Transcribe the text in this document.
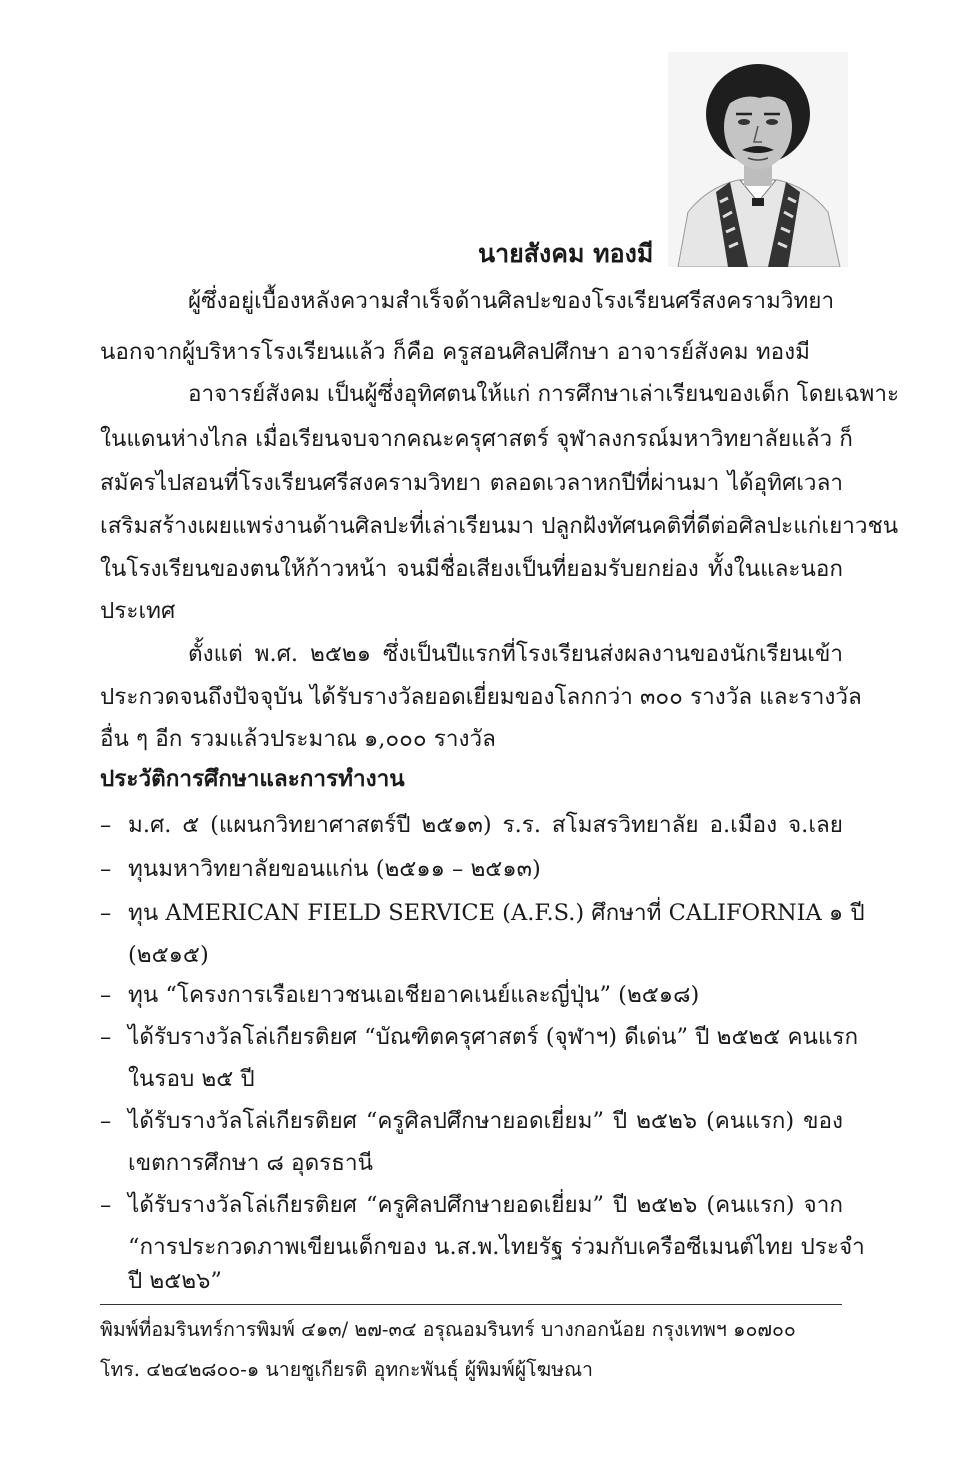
นายสังคม ทองมี
ผู้ซึ่งอยู่เบื้องหลังความสำเร็จด้านศิลปะของโรงเรียนศรีสงครามวิทยา
นอกจากผู้บริหารโรงเรียนแล้ว ก็คือ ครูสอนศิลปศึกษา อาจารย์สังคม ทองมี
อาจารย์สังคม เป็นผู้ซึ่งอุทิศตนให้แก่ การศึกษาเล่าเรียนของเด็ก โดยเฉพาะ
ในแดนห่างไกล เมื่อเรียนจบจากคณะครุศาสตร์ จุฬาลงกรณ์มหาวิทยาลัยแล้ว ก็
สมัครไปสอนที่โรงเรียนศรีสงครามวิทยา ตลอดเวลาหกปีที่ผ่านมา ได้อุทิศเวลา
เสริมสร้างเผยแพร่งานด้านศิลปะที่เล่าเรียนมา ปลูกฝังทัศนคติที่ดีต่อศิลปะแก่เยาวชน
ในโรงเรียนของตนให้ก้าวหน้า จนมีชื่อเสียงเป็นที่ยอมรับยกย่อง ทั้งในและนอก
ประเทศ
ตั้งแต่ พ.ศ. ๒๕๒๑ ซึ่งเป็นปีแรกที่โรงเรียนส่งผลงานของนักเรียนเข้า
ประกวดจนถึงปัจจุบัน ได้รับรางวัลยอดเยี่ยมของโลกกว่า ๓๐๐ รางวัล และรางวัล
อื่น ๆ อีก รวมแล้วประมาณ ๑,๐๐๐ รางวัล
ประวัติการศึกษาและการทำงาน
– ม.ศ. ๕ (แผนกวิทยาศาสตร์ปี ๒๕๑๓) ร.ร. สโมสรวิทยาลัย อ.เมือง จ.เลย
– ทุนมหาวิทยาลัยขอนแก่น (๒๕๑๑ – ๒๕๑๓)
– ทุน AMERICAN FIELD SERVICE (A.F.S.) ศึกษาที่ CALIFORNIA ๑ ปี
(๒๕๑๕)
– ทุน “โครงการเรือเยาวชนเอเชียอาคเนย์และญี่ปุ่น” (๒๕๑๘)
– ได้รับรางวัลโล่เกียรติยศ “บัณฑิตครุศาสตร์ (จุฬาฯ) ดีเด่น” ปี ๒๕๒๕ คนแรก
ในรอบ ๒๕ ปี
– ได้รับรางวัลโล่เกียรติยศ “ครูศิลปศึกษายอดเยี่ยม” ปี ๒๕๒๖ (คนแรก) ของ
เขตการศึกษา ๘ อุดรธานี
– ได้รับรางวัลโล่เกียรติยศ “ครูศิลปศึกษายอดเยี่ยม” ปี ๒๕๒๖ (คนแรก) จาก
“การประกวดภาพเขียนเด็กของ น.ส.พ.ไทยรัฐ ร่วมกับเครือซีเมนต์ไทย ประจำ
ปี ๒๕๒๖”
พิมพ์ที่อมรินทร์การพิมพ์ ๔๑๓/ ๒๗-๓๔ อรุณอมรินทร์ บางกอกน้อย กรุงเทพฯ ๑๐๗๐๐
โทร. ๔๒๔๒๘๐๐-๑ นายชูเกียรติ อุทกะพันธุ์ ผู้พิมพ์ผู้โฆษณา
